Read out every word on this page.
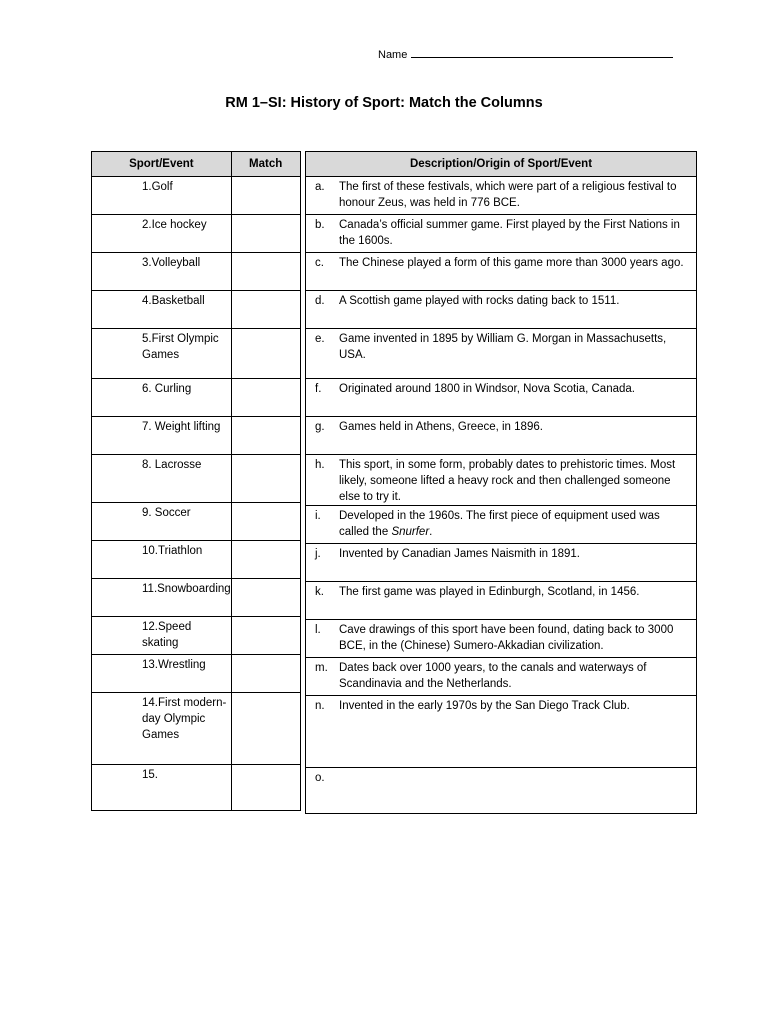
Name
RM 1–SI: History of Sport: Match the Columns
Sport/Event	Match

1.Golf	

2.Ice hockey	

3.Volleyball	

4.Basketball	

5.First Olympic Games	

6. Curling	

7. Weight lifting	

8. Lacrosse	

9. Soccer	

10.Triathlon	

11.Snowboarding	

12.Speed skating	

13.Wrestling	

14.First modern-day Olympic Games	

15.	

Description/Origin of Sport/Event

a.	The first of these festivals, which were part of a religious festival to honour Zeus, was held in 776 BCE.

b.	Canada’s official summer game. First played by the First Nations in the 1600s.

c.	The Chinese played a form of this game more than 3000 years ago.

d.	A Scottish game played with rocks dating back to 1511.

e.	Game invented in 1895 by William G. Morgan in Massachusetts, USA.

f.	Originated around 1800 in Windsor, Nova Scotia, Canada.

g.	Games held in Athens, Greece, in 1896.

h.	This sport, in some form, probably dates to prehistoric times. Most likely, someone lifted a heavy rock and then challenged someone else to try it.

i.	Developed in the 1960s. The first piece of equipment used was called the Snurfer.

j.	Invented by Canadian James Naismith in 1891.

k.	The first game was played in Edinburgh, Scotland, in 1456.

l.	Cave drawings of this sport have been found, dating back to 3000 BCE, in the (Chinese) Sumero-Akkadian civilization.

m. Dates back over 1000 years, to the canals and waterways of Scandinavia and the Netherlands.

n.	Invented in the early 1970s by the San Diego Track Club.

o.
